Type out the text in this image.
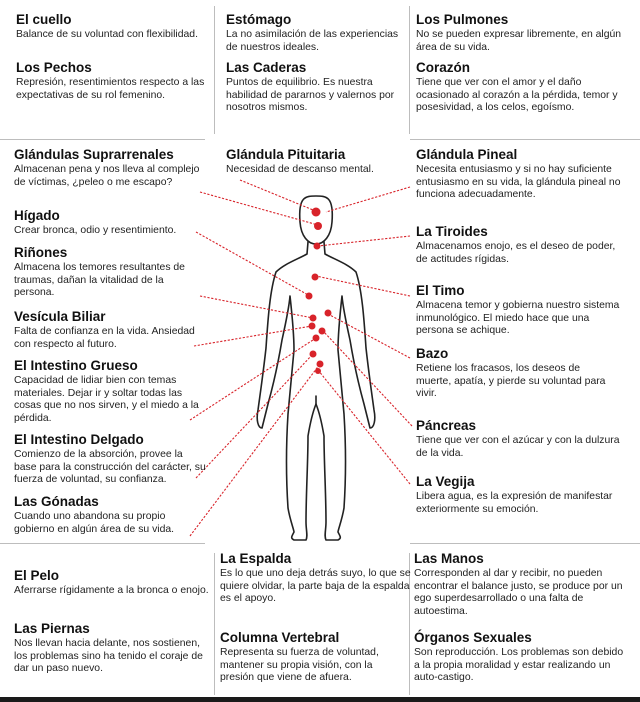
El cuello

Balance de su voluntad con flexibilidad.

Estómago

La no asimilación de las experiencias de nuestros ideales.

Los Pulmones

No se pueden expresar libremente, en algún área de su vida.

Los Pechos

Represión, resentimientos respecto a las expectativas de su rol femenino.

Las Caderas

Puntos de equilibrio. Es nuestra habilidad de pararnos y valernos por nosotros mismos.

Corazón

Tiene que ver con el amor y el daño ocasionado al corazón a la pérdida, temor y posesividad, a los celos, egoísmo.

Glándulas Suprarrenales

Almacenan pena y nos lleva al complejo de víctimas, ¿peleo o me escapo?

Hígado

Crear bronca, odio y resentimiento.

Riñones

Almacena los temores resultantes de traumas, dañan la vitalidad de la persona.

Vesícula Biliar

Falta de confianza en la vida. Ansiedad con respecto al futuro.

El Intestino Grueso

Capacidad de lidiar bien con temas materiales. Dejar ir y soltar todas las cosas que no nos sirven, y el miedo a la pérdida.

El Intestino Delgado

Comienzo de la absorción, provee la base para la construcción del carácter, su fuerza de voluntad, su confianza.

Las Gónadas

Cuando uno abandona su propio gobierno en algún área de su vida.

Glándula Pituitaria

Necesidad de descanso mental.

Glándula Pineal

Necesita entusiasmo y si no hay suficiente entusiasmo en su vida, la glándula pineal no funciona adecuadamente.

La Tiroides

Almacenamos enojo, es el deseo de poder, de actitudes rígidas.

El Timo

Almacena temor y gobierna nuestro sistema inmunológico. El miedo hace que una persona se achique.

Bazo

Retiene los fracasos, los deseos de muerte, apatía, y pierde su voluntad para vivir.

Páncreas

Tiene que ver con el azúcar y con la dulzura de la vida.

La Vegija

Libera agua, es la expresión de manifestar exteriormente su emoción.

El Pelo

Aferrarse rígidamente a la bronca o enojo.

La Espalda

Es lo que uno deja detrás suyo, lo que se quiere olvidar, la parte baja de la espalda es el apoyo.

Las Manos

Corresponden al dar y recibir, no pueden encontrar el balance justo, se produce por un ego superdesarrollado o una falta de autoestima.

Las Piernas

Nos llevan hacia delante, nos sostienen, los problemas sino ha tenido el coraje de dar un paso nuevo.

Columna Vertebral

Representa su fuerza de voluntad, mantener su propia visión, con la presión que viene de afuera.

Órganos Sexuales

Son reproducción. Los problemas son debido a la propia moralidad y estar realizando un auto-castigo.
